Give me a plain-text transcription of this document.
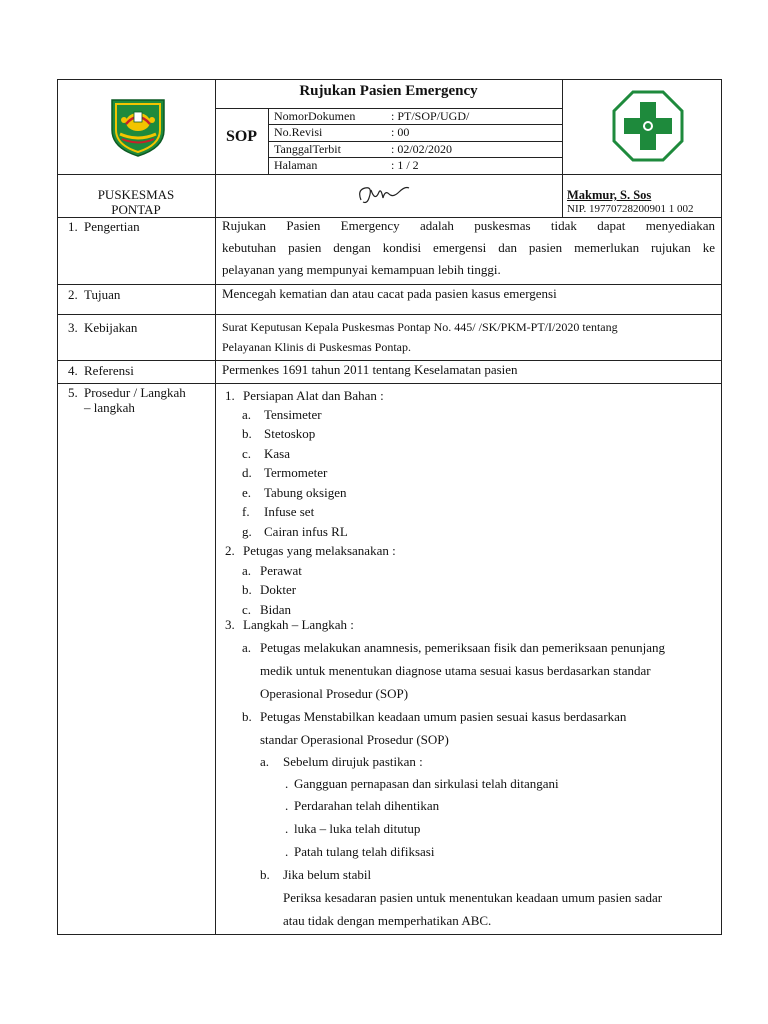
Rujukan Pasien Emergency
SOP
NomorDokumen	: PT/SOP/UGD/
No.Revisi	: 00
TanggalTerbit	: 02/02/2020
Halaman	: 1 / 2
PUSKESMAS
PONTAP
Makmur, S. Sos
NIP. 19770728200901 1 002
1. Pengertian	Rujukan Pasien Emergency adalah puskesmas tidak dapat menyediakan
kebutuhan pasien dengan kondisi emergensi dan pasien memerlukan rujukan ke
pelayanan yang mempunyai kemampuan lebih tinggi.
2. Tujuan	Mencegah kematian dan atau cacat pada pasien kasus emergensi
3. Kebijakan	Surat Keputusan Kepala Puskesmas Pontap No. 445/ /SK/PKM-PT/I/2020 tentang
Pelayanan Klinis di Puskesmas Pontap.
4. Referensi	Permenkes 1691 tahun 2011 tentang Keselamatan pasien
5. Prosedur / Langkah
– langkah
1. Persiapan Alat dan Bahan :
a. Tensimeter
b. Stetoskop
c. Kasa
d. Termometer
e. Tabung oksigen
f. Infuse set
g. Cairan infus RL
2. Petugas yang melaksanakan :
a. Perawat
b. Dokter
c. Bidan
3. Langkah – Langkah :
a. Petugas melakukan anamnesis, pemeriksaan fisik dan pemeriksaan penunjang
medik untuk menentukan diagnose utama sesuai kasus berdasarkan standar
Operasional Prosedur (SOP)
b. Petugas Menstabilkan keadaan umum pasien sesuai kasus berdasarkan
standar Operasional Prosedur (SOP)
a. Sebelum dirujuk pastikan :
. Gangguan pernapasan dan sirkulasi telah ditangani
. Perdarahan telah dihentikan
. luka – luka telah ditutup
. Patah tulang telah difiksasi
b. Jika belum stabil
Periksa kesadaran pasien untuk menentukan keadaan umum pasien sadar
atau tidak dengan memperhatikan ABC.
